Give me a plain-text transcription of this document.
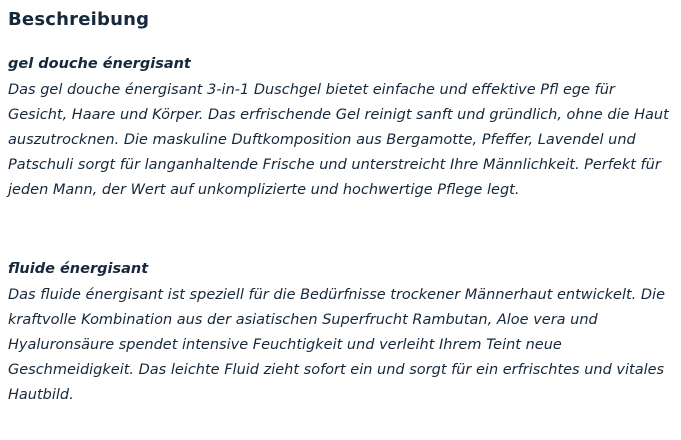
Beschreibung
gel douche énergisant

Das gel douche énergisant 3-in-1 Duschgel bietet einfache und effektive Pfl ege für Gesicht, Haare und Körper. Das erfrischende Gel reinigt sanft und gründlich, ohne die Haut auszutrocknen. Die maskuline Duftkomposition aus Bergamotte, Pfeffer, Lavendel und Patschuli sorgt für langanhaltende Frische und unterstreicht Ihre Männlichkeit. Perfekt für jeden Mann, der Wert auf unkomplizierte und hochwertige Pflege legt.

fluide énergisant

Das fluide énergisant ist speziell für die Bedürfnisse trockener Männerhaut entwickelt. Die kraftvolle Kombination aus der asiatischen Superfrucht Rambutan, Aloe vera und Hyaluronsäure spendet intensive Feuchtigkeit und verleiht Ihrem Teint neue Geschmeidigkeit. Das leichte Fluid zieht sofort ein und sorgt für ein erfrischtes und vitales Hautbild.
